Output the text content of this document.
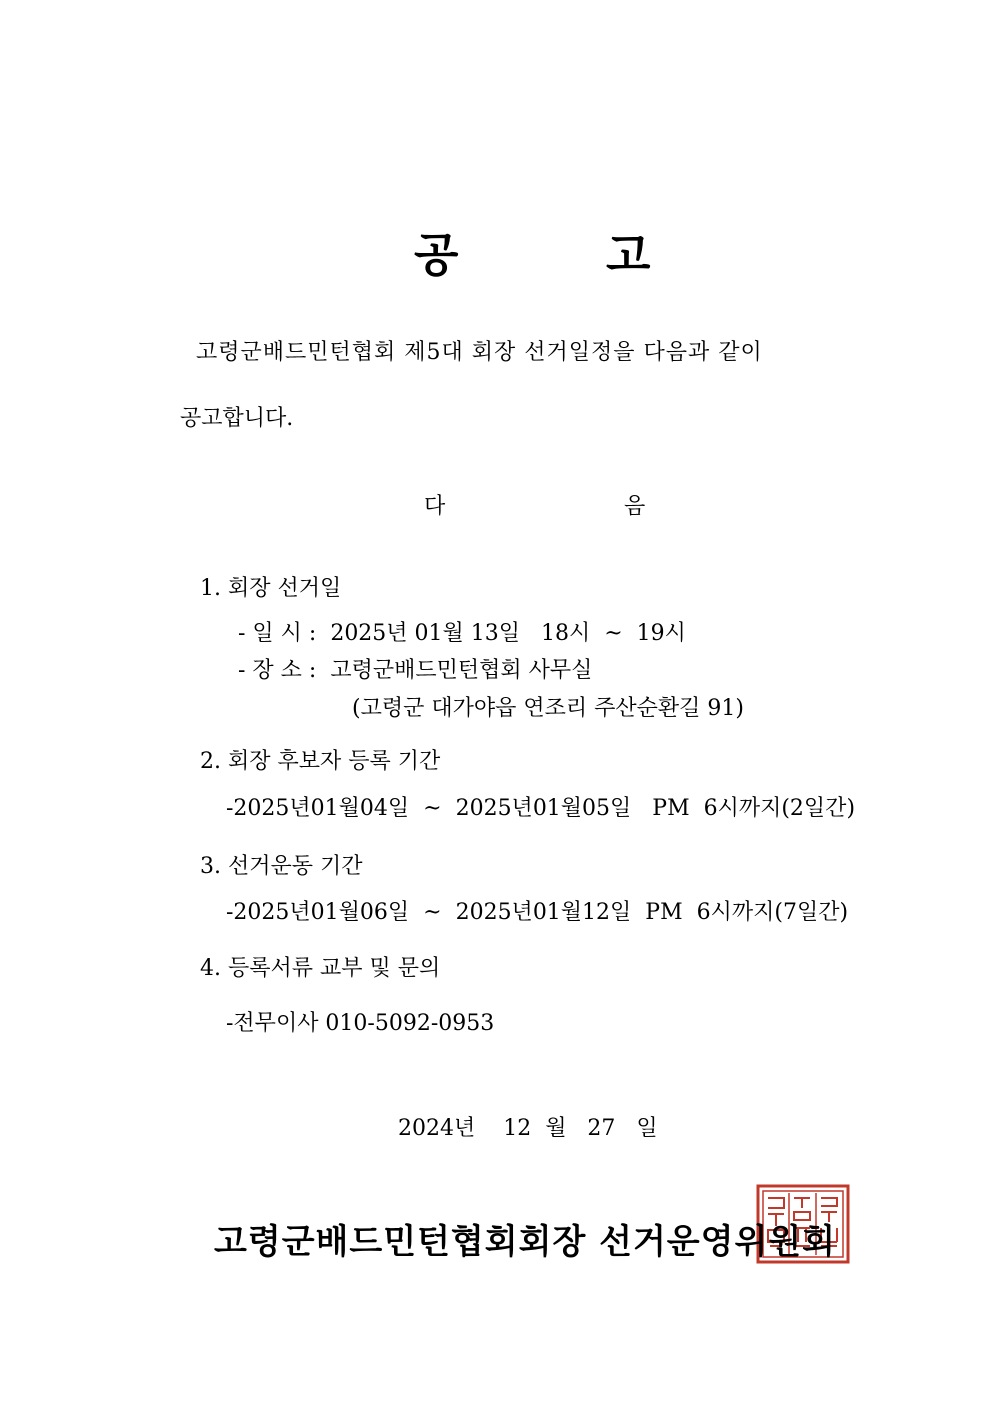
공	고
고령군배드민턴협회 제5대 회장 선거일정을 다음과 같이
공고합니다.
다	음
1. 회장 선거일
- 일 시 :  2025년 01월 13일   18시  ~  19시
- 장 소 :  고령군배드민턴협회 사무실
(고령군 대가야읍 연조리 주산순환길 91)
2. 회장 후보자 등록 기간
-2025년01월04일  ~  2025년01월05일   PM  6시까지(2일간)
3. 선거운동 기간
-2025년01월06일  ~  2025년01월12일  PM  6시까지(7일간)
4. 등록서류 교부 및 문의
-전무이사 010-5092-0953
2024년    12  월   27   일
고령군배드민턴협회회장 선거운영위원회
